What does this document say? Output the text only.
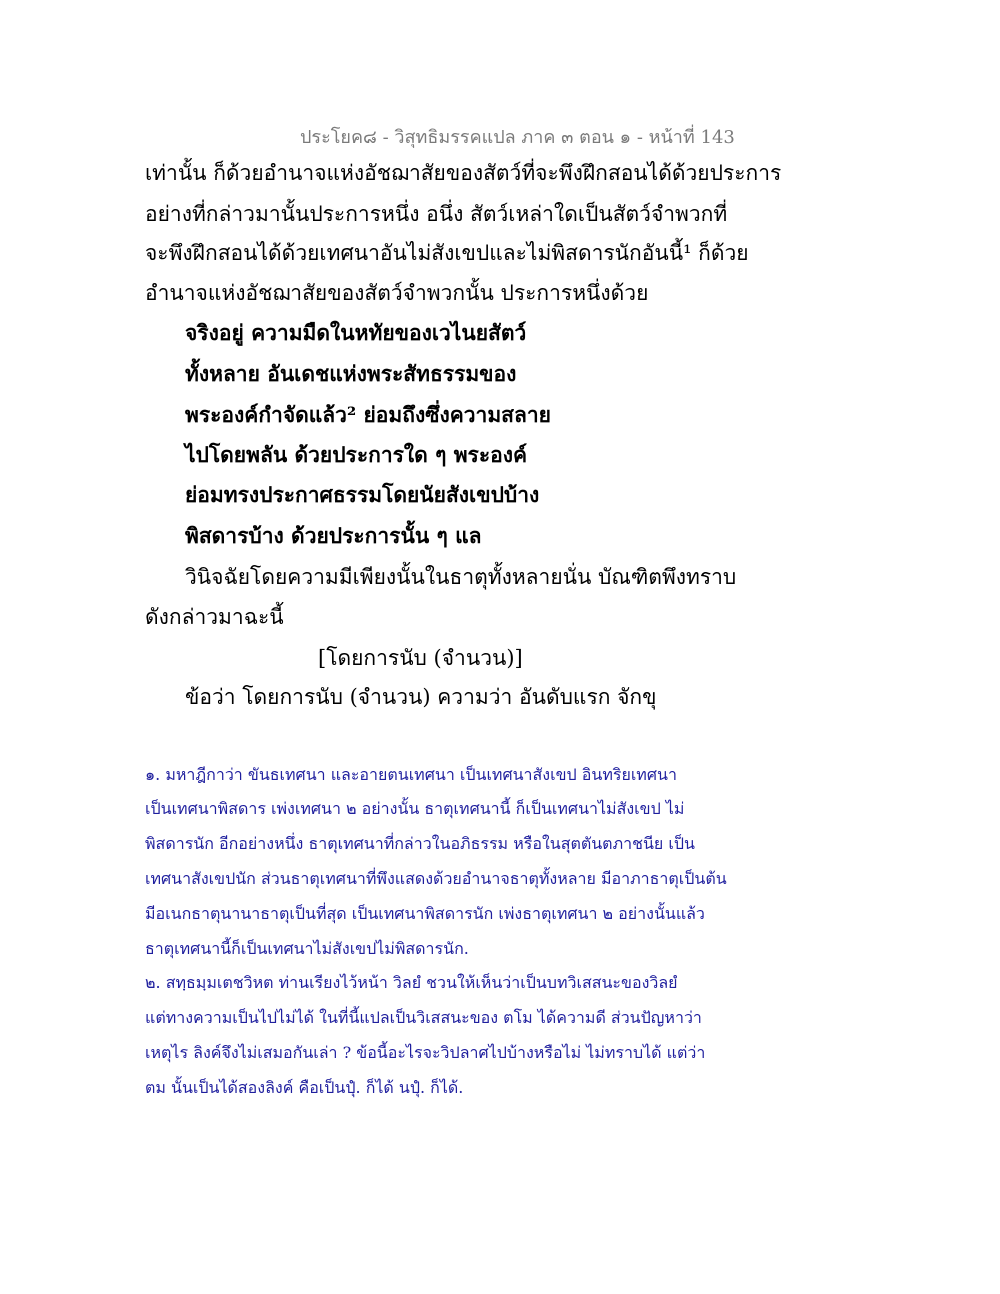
ประโยค๘ - วิสุทธิมรรคแปล ภาค ๓ ตอน ๑ - หน้าที่ 143
เท่านั้น ก็ด้วยอำนาจแห่งอัชฌาสัยของสัตว์ที่จะพึงฝึกสอนได้ด้วยประการ
อย่างที่กล่าวมานั้นประการหนึ่ง อนึ่ง สัตว์เหล่าใดเป็นสัตว์จำพวกที่
จะพึงฝึกสอนได้ด้วยเทศนาอันไม่สังเขปและไม่พิสดารนักอันนี้¹ ก็ด้วย
อำนาจแห่งอัชฌาสัยของสัตว์จำพวกนั้น ประการหนึ่งด้วย
จริงอยู่ ความมืดในหทัยของเวไนยสัตว์
ทั้งหลาย อันเดชแห่งพระสัทธรรมของ
พระองค์กำจัดแล้ว² ย่อมถึงซึ่งความสลาย
ไปโดยพลัน ด้วยประการใด ๆ พระองค์
ย่อมทรงประกาศธรรมโดยนัยสังเขปบ้าง
พิสดารบ้าง ด้วยประการนั้น ๆ แล
วินิจฉัยโดยความมีเพียงนั้นในธาตุทั้งหลายนั่น บัณฑิตพึงทราบ
ดังกล่าวมาฉะนี้
[โดยการนับ (จำนวน)]
ข้อว่า โดยการนับ (จำนวน) ความว่า อันดับแรก จักขุ
๑. มหาฎีกาว่า ขันธเทศนา และอายตนเทศนา เป็นเทศนาสังเขป อินทริยเทศนา
เป็นเทศนาพิสดาร เพ่งเทศนา ๒ อย่างนั้น ธาตุเทศนานี้ ก็เป็นเทศนาไม่สังเขป ไม่
พิสดารนัก อีกอย่างหนึ่ง ธาตุเทศนาที่กล่าวในอภิธรรม หรือในสุตตันตภาชนีย เป็น
เทศนาสังเขปนัก ส่วนธาตุเทศนาที่พึงแสดงด้วยอำนาจธาตุทั้งหลาย มีอาภาธาตุเป็นต้น
มีอเนกธาตุนานาธาตุเป็นที่สุด เป็นเทศนาพิสดารนัก เพ่งธาตุเทศนา ๒ อย่างนั้นแล้ว
ธาตุเทศนานี้ก็เป็นเทศนาไม่สังเขปไม่พิสดารนัก.
๒. สทฺธมฺมเตชวิหต ท่านเรียงไว้หน้า วิลยํ ชวนให้เห็นว่าเป็นบทวิเสสนะของวิลยํ
แต่ทางความเป็นไปไม่ได้ ในที่นี้แปลเป็นวิเสสนะของ ตโม ได้ความดี ส่วนปัญหาว่า
เหตุไร ลิงค์จึงไม่เสมอกันเล่า ? ข้อนี้อะไรจะวิปลาศไปบ้างหรือไม่ ไม่ทราบได้ แต่ว่า
ตม นั้นเป็นได้สองลิงค์ คือเป็นปุํ. ก็ได้ นปุํ. ก็ได้.
